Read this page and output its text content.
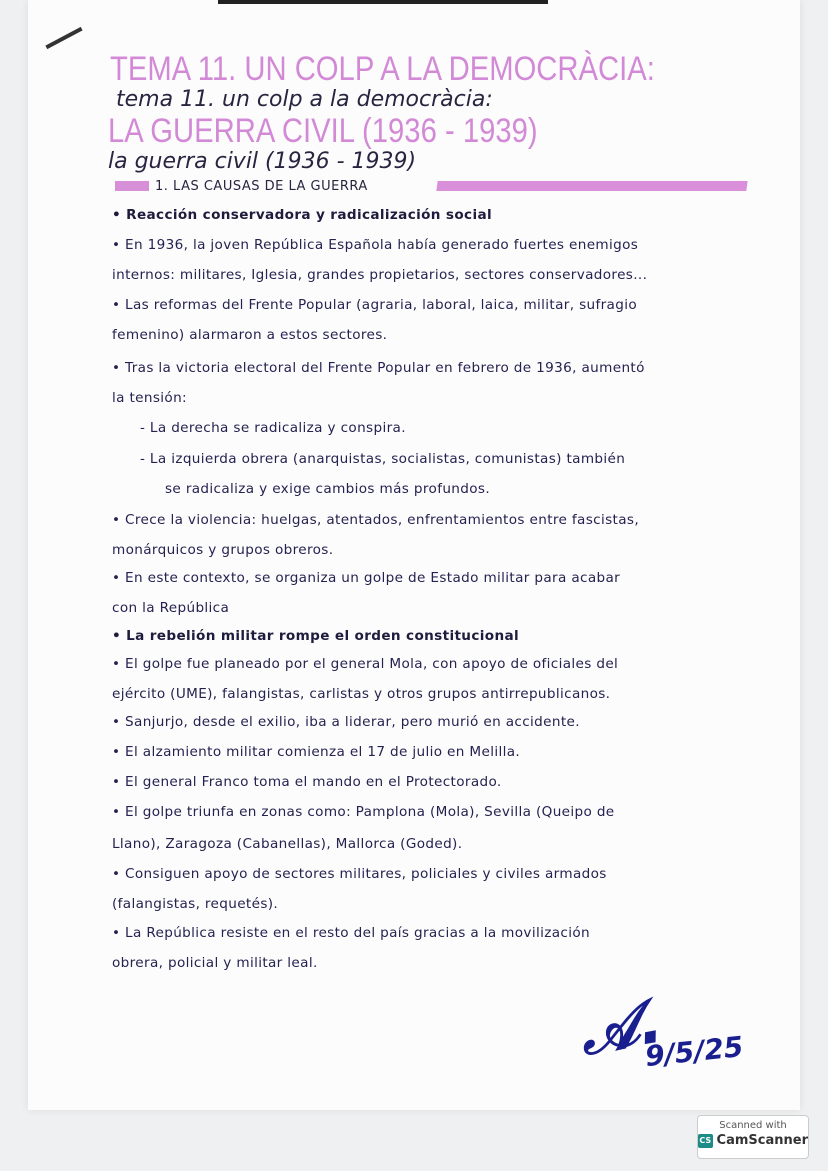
TEMA 11. UN COLP A LA DEMOCRÀCIA:
tema 11. un colp a la democràcia:
LA GUERRA CIVIL (1936 - 1939)
la guerra civil (1936 - 1939)
1. LAS CAUSAS DE LA GUERRA
• Reacción conservadora y radicalización social
• En 1936, la joven República Española había generado fuertes enemigos
internos: militares, Iglesia, grandes propietarios, sectores conservadores...
• Las reformas del Frente Popular (agraria, laboral, laica, militar, sufragio
femenino) alarmaron a estos sectores.
• Tras la victoria electoral del Frente Popular en febrero de 1936, aumentó
la tensión:
- La derecha se radicaliza y conspira.
- La izquierda obrera (anarquistas, socialistas, comunistas) también
se radicaliza y exige cambios más profundos.
• Crece la violencia: huelgas, atentados, enfrentamientos entre fascistas,
monárquicos y grupos obreros.
• En este contexto, se organiza un golpe de Estado militar para acabar
con la República
• La rebelión militar rompe el orden constitucional
• El golpe fue planeado por el general Mola, con apoyo de oficiales del
ejército (UME), falangistas, carlistas y otros grupos antirrepublicanos.
• Sanjurjo, desde el exilio, iba a liderar, pero murió en accidente.
• El alzamiento militar comienza el 17 de julio en Melilla.
• El general Franco toma el mando en el Protectorado.
• El golpe triunfa en zonas como: Pamplona (Mola), Sevilla (Queipo de
Llano), Zaragoza (Cabanellas), Mallorca (Goded).
• Consiguen apoyo de sectores militares, policiales y civiles armados
(falangistas, requetés).
• La República resiste en el resto del país gracias a la movilización
obrera, policial y militar leal.
𝒜.
9/5/25
Scanned with
CS CamScanner
